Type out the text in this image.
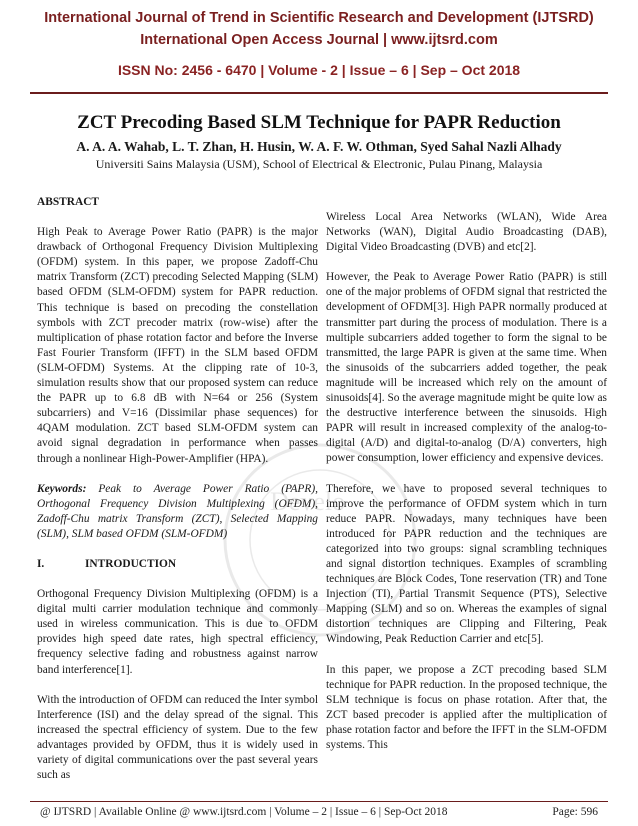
International Journal of Trend in Scientific Research and Development (IJTSRD)
International Open Access Journal | www.ijtsrd.com
ISSN No: 2456 - 6470 | Volume - 2 | Issue – 6 | Sep – Oct 2018
Develo
ZCT Precoding Based SLM Technique for PAPR Reduction
A. A. A. Wahab, L. T. Zhan, H. Husin, W. A. F. W. Othman, Syed Sahal Nazli Alhady
Universiti Sains Malaysia (USM), School of Electrical & Electronic, Pulau Pinang, Malaysia

ABSTRACT

High Peak to Average Power Ratio (PAPR) is the major drawback of Orthogonal Frequency Division Multiplexing (OFDM) system. In this paper, we propose Zadoff-Chu matrix Transform (ZCT) precoding Selected Mapping (SLM) based OFDM (SLM-OFDM) system for PAPR reduction. This technique is based on precoding the constellation symbols with ZCT precoder matrix (row-wise) after the multiplication of phase rotation factor and before the Inverse Fast Fourier Transform (IFFT) in the SLM based OFDM (SLM-OFDM) Systems. At the clipping rate of 10-3, simulation results show that our proposed system can reduce the PAPR up to 6.8 dB with N=64 or 256 (System subcarriers) and V=16 (Dissimilar phase sequences) for 4QAM modulation. ZCT based SLM-OFDM system can avoid signal degradation in performance when passes through a nonlinear High-Power-Amplifier (HPA).

Keywords: Peak to Average Power Ratio (PAPR), Orthogonal Frequency Division Multiplexing (OFDM), Zadoff-Chu matrix Transform (ZCT), Selected Mapping (SLM), SLM based OFDM (SLM-OFDM)

I.	INTRODUCTION

Orthogonal Frequency Division Multiplexing (OFDM) is a digital multi carrier modulation technique and commonly used in wireless communication. This is due to OFDM provides high speed date rates, high spectral efficiency, frequency selective fading and robustness against narrow band interference[1].

With the introduction of OFDM can reduced the Inter symbol Interference (ISI) and the delay spread of the signal. This increased the spectral efficiency of system. Due to the few advantages provided by OFDM, thus it is widely used in variety of digital communications over the past several years such as

Wireless Local Area Networks (WLAN), Wide Area Networks (WAN), Digital Audio Broadcasting (DAB), Digital Video Broadcasting (DVB) and etc[2].

However, the Peak to Average Power Ratio (PAPR) is still one of the major problems of OFDM signal that restricted the development of OFDM[3]. High PAPR normally produced at transmitter part during the process of modulation. There is a multiple subcarriers added together to form the signal to be transmitted, the large PAPR is given at the same time. When the sinusoids of the subcarriers added together, the peak magnitude will be increased which rely on the amount of sinusoids[4]. So the average magnitude might be quite low as the destructive interference between the sinusoids. High PAPR will result in increased complexity of the analog-to-digital (A/D) and digital-to-analog (D/A) converters, high power consumption, lower efficiency and expensive devices.

Therefore, we have to proposed several techniques to improve the performance of OFDM system which in turn reduce PAPR. Nowadays, many techniques have been introduced for PAPR reduction and the techniques are categorized into two groups: signal scrambling techniques and signal distortion techniques. Examples of scrambling techniques are Block Codes, Tone reservation (TR) and Tone Injection (TI), Partial Transmit Sequence (PTS), Selective Mapping (SLM) and so on. Whereas the examples of signal distortion techniques are Clipping and Filtering, Peak Windowing, Peak Reduction Carrier and etc[5].

In this paper, we propose a ZCT precoding based SLM technique for PAPR reduction. In the proposed technique, the SLM technique is focus on phase rotation. After that, the ZCT based precoder is applied after the multiplication of phase rotation factor and before the IFFT in the SLM-OFDM systems. This

@ IJTSRD | Available Online @ www.ijtsrd.com | Volume – 2 | Issue – 6 | Sep-Oct 2018	Page: 596
